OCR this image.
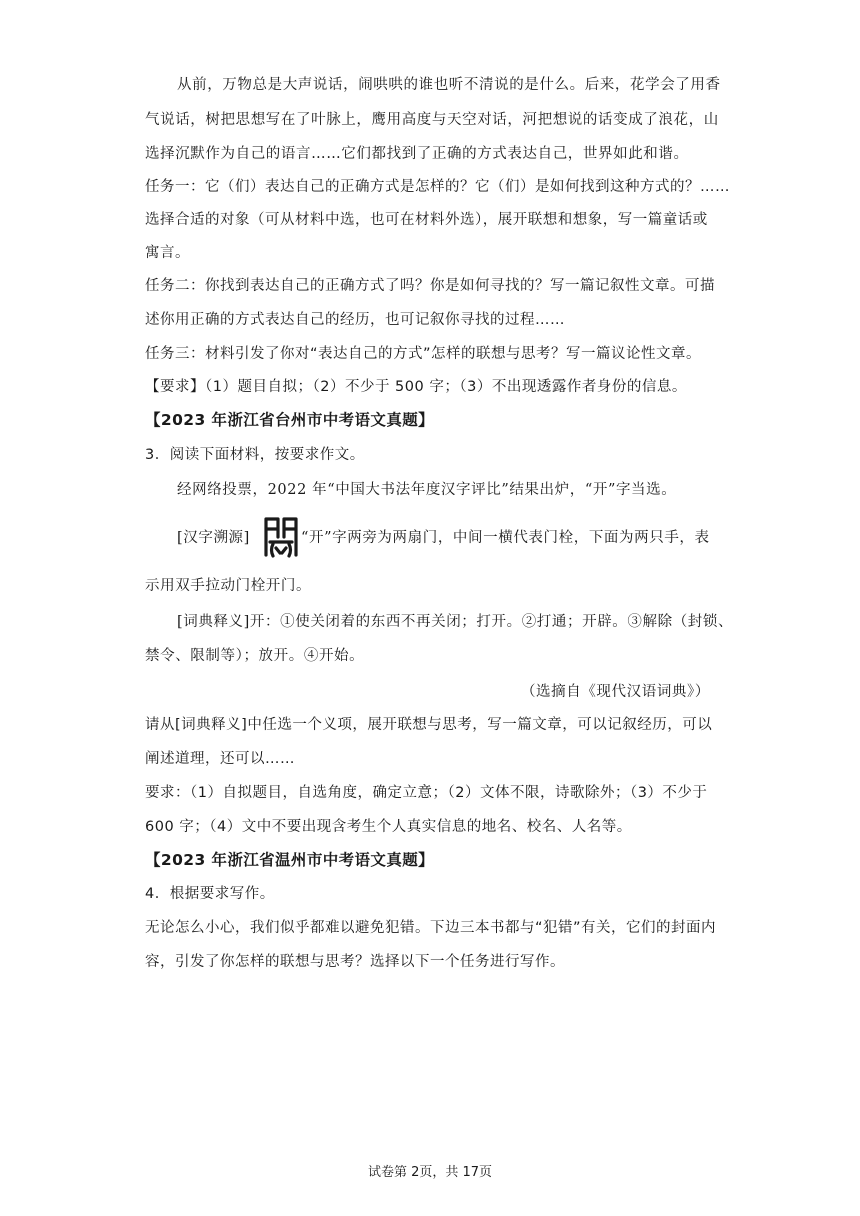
从前，万物总是大声说话，闹哄哄的谁也听不清说的是什么。后来，花学会了用香
气说话，树把思想写在了叶脉上，鹰用高度与天空对话，河把想说的话变成了浪花，山
选择沉默作为自己的语言……它们都找到了正确的方式表达自己，世界如此和谐。
任务一：它（们）表达自己的正确方式是怎样的？它（们）是如何找到这种方式的？……
选择合适的对象（可从材料中选，也可在材料外选），展开联想和想象，写一篇童话或
寓言。
任务二：你找到表达自己的正确方式了吗？你是如何寻找的？写一篇记叙性文章。可描
述你用正确的方式表达自己的经历，也可记叙你寻找的过程……
任务三：材料引发了你对“表达自己的方式”怎样的联想与思考？写一篇议论性文章。
【要求】（1）题目自拟；（2）不少于 500 字；（3）不出现透露作者身份的信息。
【2023 年浙江省台州市中考语文真题】
3．阅读下面材料，按要求作文。
经网络投票，2022 年“中国大书法年度汉字评比”结果出炉，“开”字当选。
[汉字溯源]	“开”字两旁为两扇门，中间一横代表门栓，下面为两只手，表
示用双手拉动门栓开门。
[词典释义]开：①使关闭着的东西不再关闭；打开。②打通；开辟。③解除（封锁、
禁令、限制等）；放开。④开始。
（选摘自《现代汉语词典》）
请从[词典释义]中任选一个义项，展开联想与思考，写一篇文章，可以记叙经历，可以
阐述道理，还可以……
要求：（1）自拟题目，自选角度，确定立意；（2）文体不限，诗歌除外；（3）不少于
600 字；（4）文中不要出现含考生个人真实信息的地名、校名、人名等。
【2023 年浙江省温州市中考语文真题】
4．根据要求写作。
无论怎么小心，我们似乎都难以避免犯错。下边三本书都与“犯错”有关，它们的封面内
容，引发了你怎样的联想与思考？选择以下一个任务进行写作。
试卷第 2页，共 17页
